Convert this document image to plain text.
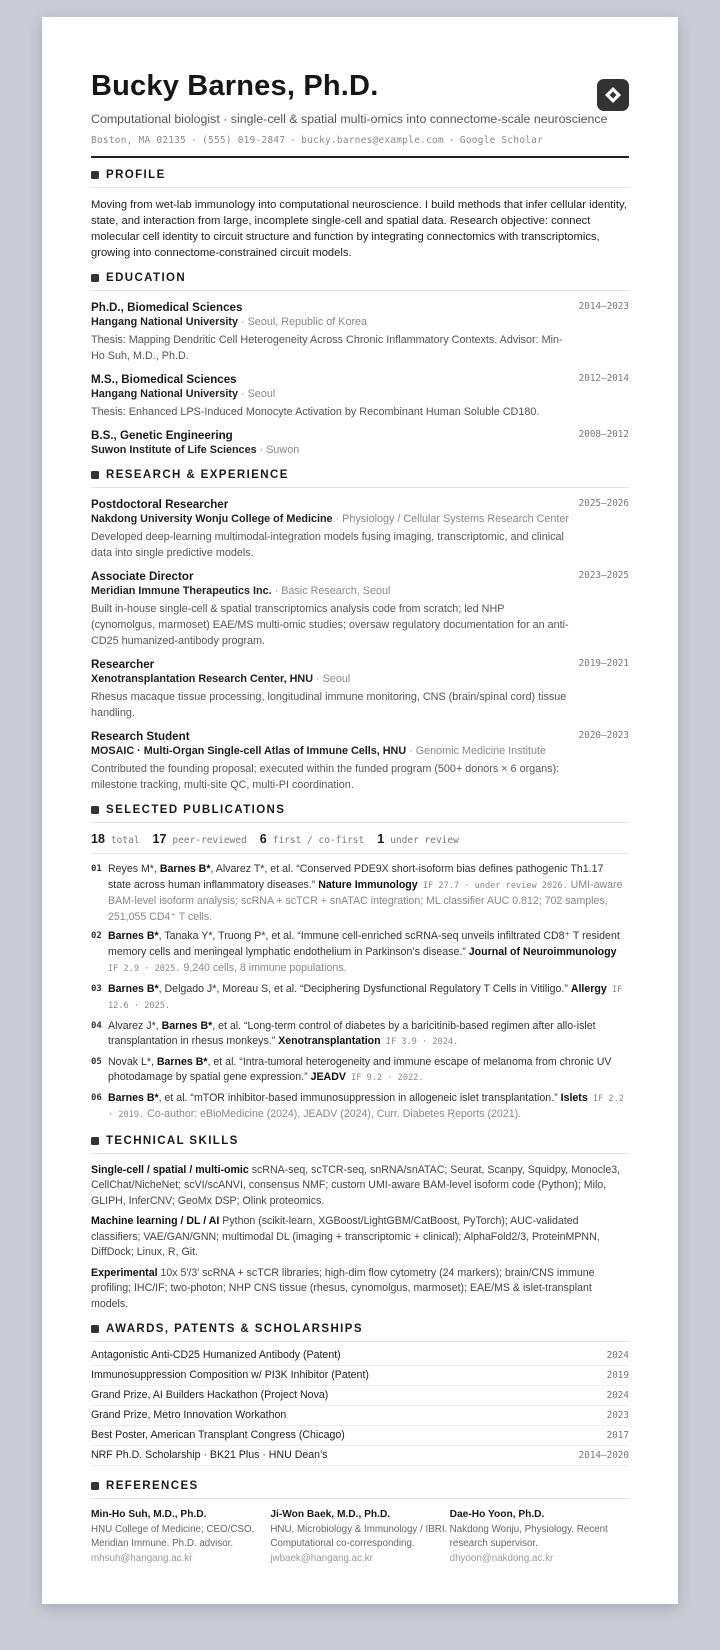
Bucky Barnes, Ph.D.
Computational biologist · single-cell & spatial multi-omics into connectome-scale neuroscience
Boston, MA 02135 · (555) 019-2847 · bucky.barnes@example.com · Google Scholar
PROFILE
Moving from wet-lab immunology into computational neuroscience. I build methods that infer cellular identity, state, and interaction from large, incomplete single-cell and spatial data. Research objective: connect molecular cell identity to circuit structure and function by integrating connectomics with transcriptomics, growing into connectome-constrained circuit models.
EDUCATION
Ph.D., Biomedical Sciences
Hangang National University · Seoul, Republic of Korea
Thesis: Mapping Dendritic Cell Heterogeneity Across Chronic Inflammatory Contexts. Advisor: Min-Ho Suh, M.D., Ph.D.
2014–2023
M.S., Biomedical Sciences
Hangang National University · Seoul
Thesis: Enhanced LPS-Induced Monocyte Activation by Recombinant Human Soluble CD180.
2012–2014
B.S., Genetic Engineering
Suwon Institute of Life Sciences · Suwon
2008–2012
RESEARCH & EXPERIENCE
Postdoctoral Researcher
Nakdong University Wonju College of Medicine · Physiology / Cellular Systems Research Center
Developed deep-learning multimodal-integration models fusing imaging, transcriptomic, and clinical data into single predictive models.
2025–2026
Associate Director
Meridian Immune Therapeutics Inc. · Basic Research, Seoul
Built in-house single-cell & spatial transcriptomics analysis code from scratch; led NHP (cynomolgus, marmoset) EAE/MS multi-omic studies; oversaw regulatory documentation for an anti-CD25 humanized-antibody program.
2023–2025
Researcher
Xenotransplantation Research Center, HNU · Seoul
Rhesus macaque tissue processing, longitudinal immune monitoring, CNS (brain/spinal cord) tissue handling.
2019–2021
Research Student
MOSAIC · Multi-Organ Single-cell Atlas of Immune Cells, HNU · Genomic Medicine Institute
Contributed the founding proposal; executed within the funded program (500+ donors × 6 organs): milestone tracking, multi-site QC, multi-PI coordination.
2020–2023
SELECTED PUBLICATIONS
18 total 17 peer-reviewed 6 first / co-first 1 under review
01 Reyes M*, Barnes B*, Alvarez T*, et al. “Conserved PDE9X short-isoform bias defines pathogenic Th1.17 state across human inflammatory diseases.” Nature Immunology IF 27.7 · under review 2026. UMI-aware BAM-level isoform analysis; scRNA + scTCR + snATAC integration; ML classifier AUC 0.812; 702 samples, 251,055 CD4⁺ T cells.
02 Barnes B*, Tanaka Y*, Truong P*, et al. “Immune cell-enriched scRNA-seq unveils infiltrated CD8⁺ T resident memory cells and meningeal lymphatic endothelium in Parkinson’s disease.” Journal of Neuroimmunology IF 2.9 · 2025. 9,240 cells, 8 immune populations.
03 Barnes B*, Delgado J*, Moreau S, et al. “Deciphering Dysfunctional Regulatory T Cells in Vitiligo.” Allergy IF 12.6 · 2025.
04 Alvarez J*, Barnes B*, et al. “Long-term control of diabetes by a baricitinib-based regimen after allo-islet transplantation in rhesus monkeys.” Xenotransplantation IF 3.9 · 2024.
05 Novak L*, Barnes B*, et al. “Intra-tumoral heterogeneity and immune escape of melanoma from chronic UV photodamage by spatial gene expression.” JEADV IF 9.2 · 2022.
06 Barnes B*, et al. “mTOR inhibitor-based immunosuppression in allogeneic islet transplantation.” Islets IF 2.2 · 2019. Co-author: eBioMedicine (2024), JEADV (2024), Curr. Diabetes Reports (2021).
TECHNICAL SKILLS
Single-cell / spatial / multi-omic scRNA-seq, scTCR-seq, snRNA/snATAC; Seurat, Scanpy, Squidpy, Monocle3, CellChat/NicheNet; scVI/scANVI, consensus NMF; custom UMI-aware BAM-level isoform code (Python); Milo, GLIPH, InferCNV; GeoMx DSP; Olink proteomics.
Machine learning / DL / AI Python (scikit-learn, XGBoost/LightGBM/CatBoost, PyTorch); AUC-validated classifiers; VAE/GAN/GNN; multimodal DL (imaging + transcriptomic + clinical); AlphaFold2/3, ProteinMPNN, DiffDock; Linux, R, Git.
Experimental 10x 5′/3′ scRNA + scTCR libraries; high-dim flow cytometry (24 markers); brain/CNS immune profiling; IHC/IF; two-photon; NHP CNS tissue (rhesus, cynomolgus, marmoset); EAE/MS & islet-transplant models.
AWARDS, PATENTS & SCHOLARSHIPS
Antagonistic Anti-CD25 Humanized Antibody (Patent)	2024
Immunosuppression Composition w/ PI3K Inhibitor (Patent)	2019
Grand Prize, AI Builders Hackathon (Project Nova)	2024
Grand Prize, Metro Innovation Workathon	2023
Best Poster, American Transplant Congress (Chicago)	2017
NRF Ph.D. Scholarship · BK21 Plus · HNU Dean’s	2014–2020
REFERENCES
Min-Ho Suh, M.D., Ph.D.
HNU College of Medicine; CEO/CSO, Meridian Immune. Ph.D. advisor.
mhsuh@hangang.ac.kr
Ji-Won Baek, M.D., Ph.D.
HNU, Microbiology & Immunology / IBRI. Computational co-corresponding.
jwbaek@hangang.ac.kr
Dae-Ho Yoon, Ph.D.
Nakdong Wonju, Physiology. Recent research supervisor.
dhyoon@nakdong.ac.kr
